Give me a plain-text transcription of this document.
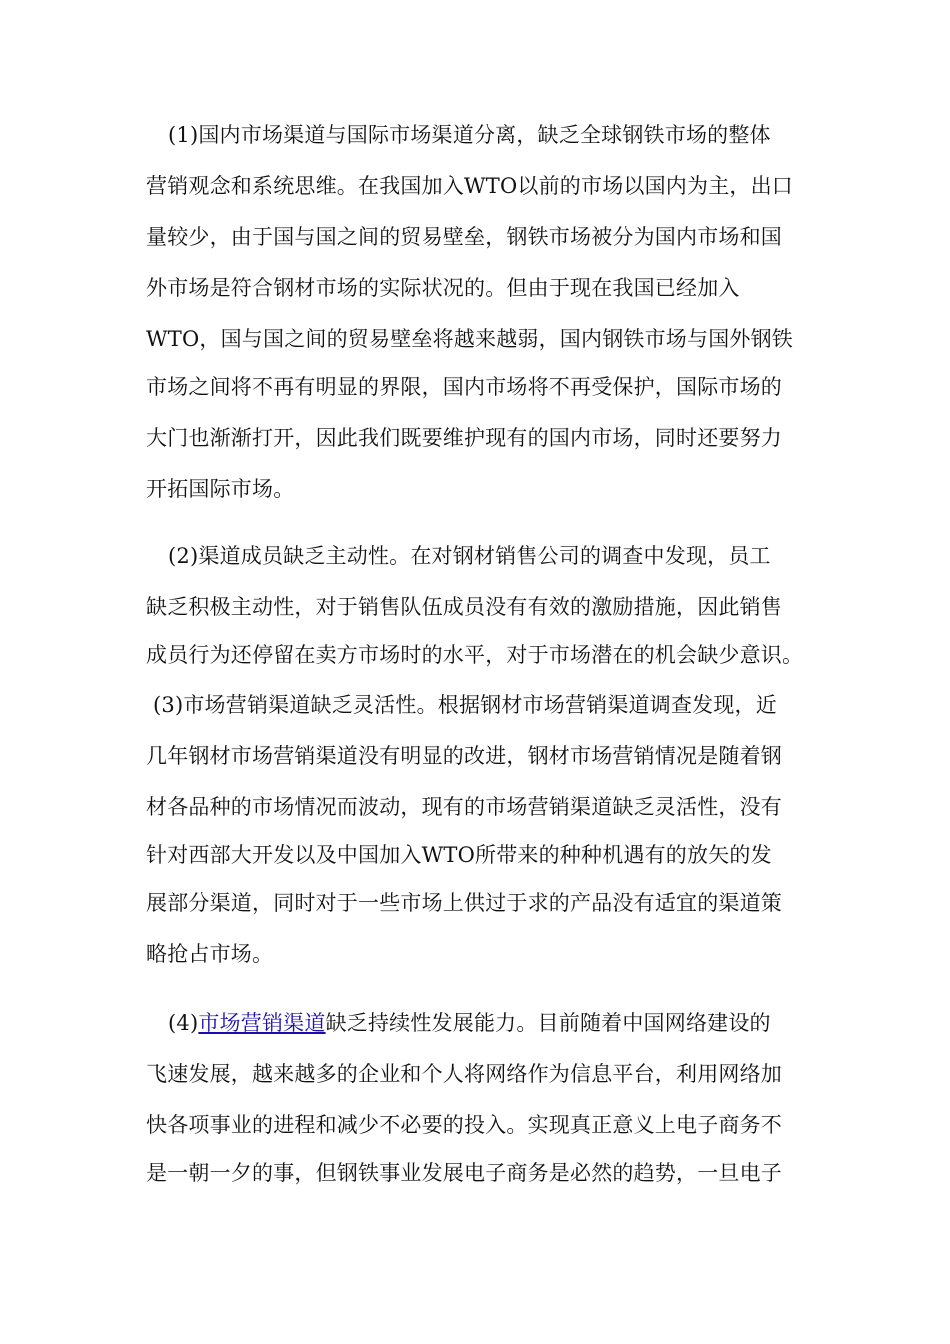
(1)国内市场渠道与国际市场渠道分离，缺乏全球钢铁市场的整体
营销观念和系统思维。在我国加入WTO以前的市场以国内为主，出口
量较少，由于国与国之间的贸易壁垒，钢铁市场被分为国内市场和国
外市场是符合钢材市场的实际状况的。但由于现在我国已经加入
WTO，国与国之间的贸易壁垒将越来越弱，国内钢铁市场与国外钢铁
市场之间将不再有明显的界限，国内市场将不再受保护，国际市场的
大门也渐渐打开，因此我们既要维护现有的国内市场，同时还要努力
开拓国际市场。
(2)渠道成员缺乏主动性。在对钢材销售公司的调查中发现，员工
缺乏积极主动性，对于销售队伍成员没有有效的激励措施，因此销售
成员行为还停留在卖方市场时的水平，对于市场潜在的机会缺少意识。
(3)市场营销渠道缺乏灵活性。根据钢材市场营销渠道调查发现，近
几年钢材市场营销渠道没有明显的改进，钢材市场营销情况是随着钢
材各品种的市场情况而波动，现有的市场营销渠道缺乏灵活性，没有
针对西部大开发以及中国加入WTO所带来的种种机遇有的放矢的发
展部分渠道，同时对于一些市场上供过于求的产品没有适宜的渠道策
略抢占市场。
(4)市场营销渠道缺乏持续性发展能力。目前随着中国网络建设的
飞速发展，越来越多的企业和个人将网络作为信息平台，利用网络加
快各项事业的进程和减少不必要的投入。实现真正意义上电子商务不
是一朝一夕的事，但钢铁事业发展电子商务是必然的趋势，一旦电子
